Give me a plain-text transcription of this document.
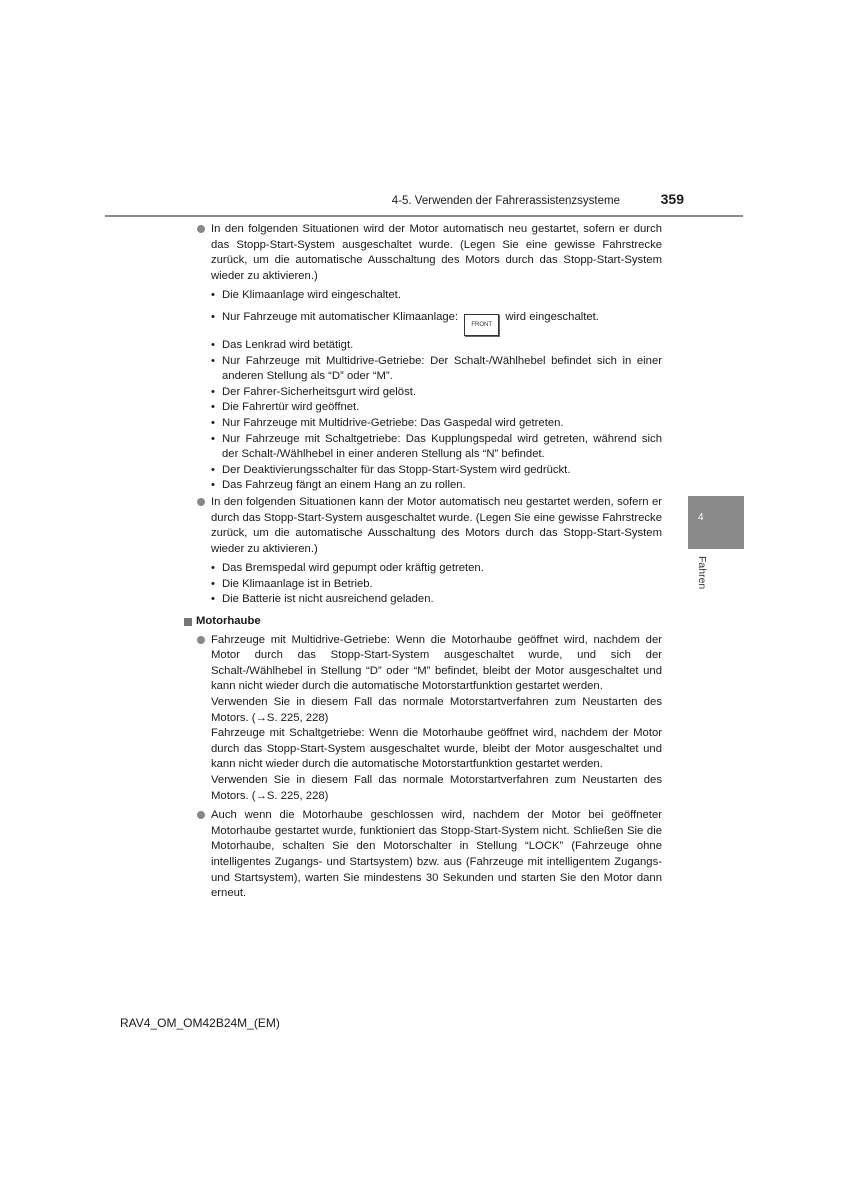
4-5. Verwenden der Fahrerassistenzsysteme	359
4
Fahren
In den folgenden Situationen wird der Motor automatisch neu gestartet, sofern er durch das Stopp-Start-System ausgeschaltet wurde. (Legen Sie eine gewisse Fahrstrecke zurück, um die automatische Ausschaltung des Motors durch das Stopp-Start-System wieder zu aktivieren.)
• Die Klimaanlage wird eingeschaltet.
• Nur Fahrzeuge mit automatischer Klimaanlage: FRONT wird eingeschaltet.
• Das Lenkrad wird betätigt.
• Nur Fahrzeuge mit Multidrive-Getriebe: Der Schalt-/Wählhebel befindet sich in einer anderen Stellung als “D” oder “M”.
• Der Fahrer-Sicherheitsgurt wird gelöst.
• Die Fahrertür wird geöffnet.
• Nur Fahrzeuge mit Multidrive-Getriebe: Das Gaspedal wird getreten.
• Nur Fahrzeuge mit Schaltgetriebe: Das Kupplungspedal wird getreten, während sich der Schalt-/Wählhebel in einer anderen Stellung als “N” befindet.
• Der Deaktivierungsschalter für das Stopp-Start-System wird gedrückt.
• Das Fahrzeug fängt an einem Hang an zu rollen.
In den folgenden Situationen kann der Motor automatisch neu gestartet werden, sofern er durch das Stopp-Start-System ausgeschaltet wurde. (Legen Sie eine gewisse Fahrstrecke zurück, um die automatische Ausschaltung des Motors durch das Stopp-Start-System wieder zu aktivieren.)
• Das Bremspedal wird gepumpt oder kräftig getreten.
• Die Klimaanlage ist in Betrieb.
• Die Batterie ist nicht ausreichend geladen.
Motorhaube
Fahrzeuge mit Multidrive-Getriebe: Wenn die Motorhaube geöffnet wird, nachdem der Motor durch das Stopp-Start-System ausgeschaltet wurde, und sich der Schalt-/Wählhebel in Stellung “D” oder “M” befindet, bleibt der Motor ausgeschaltet und kann nicht wieder durch die automatische Motorstartfunktion gestartet werden.
Verwenden Sie in diesem Fall das normale Motorstartverfahren zum Neustarten des Motors. (→S. 225, 228)
Fahrzeuge mit Schaltgetriebe: Wenn die Motorhaube geöffnet wird, nachdem der Motor durch das Stopp-Start-System ausgeschaltet wurde, bleibt der Motor ausgeschaltet und kann nicht wieder durch die automatische Motorstartfunktion gestartet werden.
Verwenden Sie in diesem Fall das normale Motorstartverfahren zum Neustarten des Motors. (→S. 225, 228)
Auch wenn die Motorhaube geschlossen wird, nachdem der Motor bei geöffneter Motorhaube gestartet wurde, funktioniert das Stopp-Start-System nicht. Schließen Sie die Motorhaube, schalten Sie den Motorschalter in Stellung “LOCK” (Fahrzeuge ohne intelligentes Zugangs- und Startsystem) bzw. aus (Fahrzeuge mit intelligentem Zugangs- und Startsystem), warten Sie mindestens 30 Sekunden und starten Sie den Motor dann erneut.
RAV4_OM_OM42B24M_(EM)
